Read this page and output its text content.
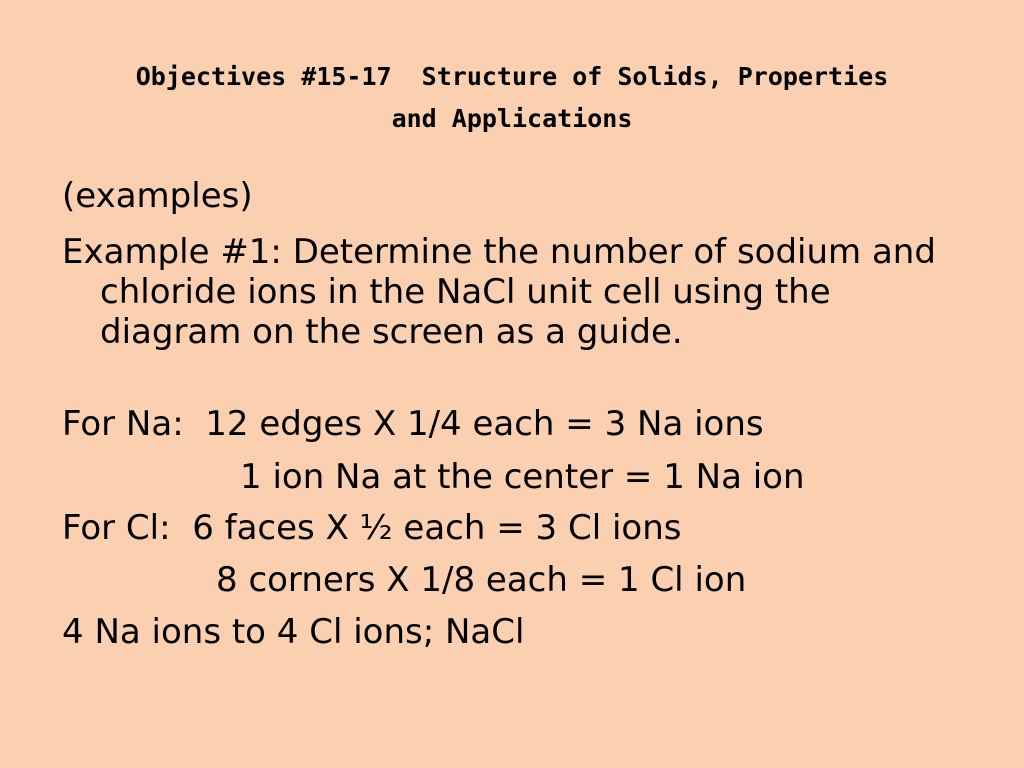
Objectives #15-17  Structure of Solids, Properties
and Applications
(examples)
Example #1: Determine the number of sodium and chloride ions in the NaCl unit cell using the diagram on the screen as a guide.
For Na:  12 edges X 1/4 each = 3 Na ions
1 ion Na at the center = 1 Na ion
For Cl:  6 faces X ½ each = 3 Cl ions
8 corners X 1/8 each = 1 Cl ion
4 Na ions to 4 Cl ions; NaCl
